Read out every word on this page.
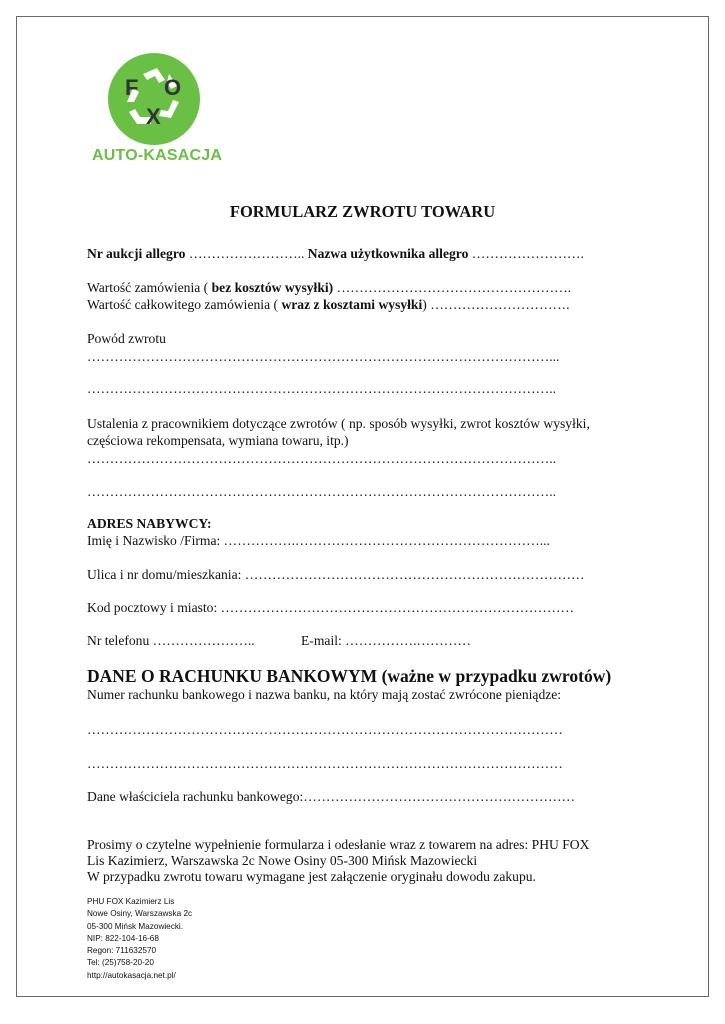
F O
X
AUTO-KASACJA
FORMULARZ ZWROTU TOWARU
Nr aukcji allegro …………………….. Nazwa użytkownika allegro …………………….
Wartość zamówienia ( bez kosztów wysyłki) …………………………………………….
Wartość całkowitego zamówienia ( wraz z kosztami wysyłki) ………………………….
Powód zwrotu
…………………………………………………………………………………………...
…………………………………………………………………………………………..
Ustalenia z pracownikiem dotyczące zwrotów ( np. sposób wysyłki, zwrot kosztów wysyłki,
częściowa rekompensata, wymiana towaru, itp.)
…………………………………………………………………………………………..
…………………………………………………………………………………………..
ADRES NABYWCY:
Imię i Nazwisko /Firma: …………….………………………………………………...
Ulica i nr domu/mieszkania: …………………………………………………………………
Kod pocztowy i miasto: ……………………………………………………………………
Nr telefonu …………………..	E-mail: …………….…………
DANE O RACHUNKU BANKOWYM (ważne w przypadku zwrotów)
Numer rachunku bankowego i nazwa banku, na który mają zostać zwrócone pieniądze:
……………………………………………………………………………………………
……………………………………………………………………………………………
Dane właściciela rachunku bankowego:……………………………………………………
Prosimy o czytelne wypełnienie formularza i odesłanie wraz z towarem na adres: PHU FOX
Lis Kazimierz, Warszawska 2c Nowe Osiny 05-300 Mińsk Mazowiecki
W przypadku zwrotu towaru wymagane jest załączenie oryginału dowodu zakupu.
PHU FOX Kazimierz Lis
Nowe Osiny, Warszawska 2c
05-300 Mińsk Mazowiecki.
NIP: 822-104-16-68
Regon: 711632570
Tel: (25)758-20-20
http://autokasacja.net.pl/
